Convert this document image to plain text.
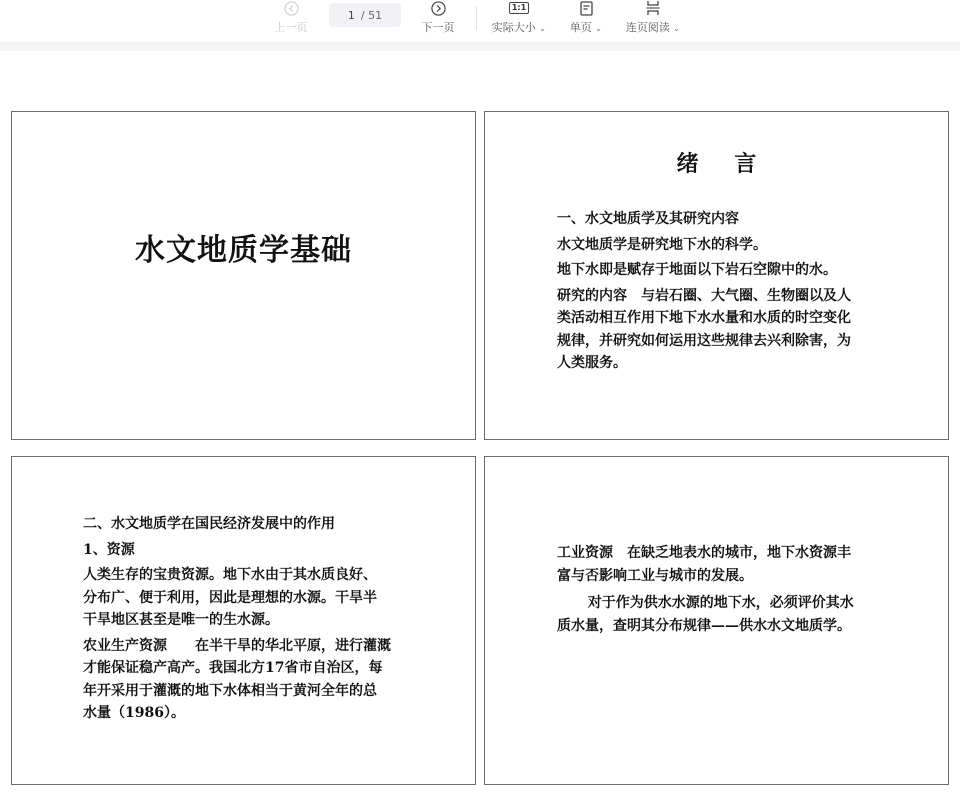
上一页
1 / 51
下一页
1:1
实际大小 ⌄ 单页 ⌄ 连页阅读 ⌄
水文地质学基础
绪 言

一、水文地质学及其研究内容

水文地质学是研究地下水的科学。

地下水即是赋存于地面以下岩石空隙中的水。

研究的内容　与岩石圈、大气圈、生物圈以及人

类活动相互作用下地下水水量和水质的时空变化

规律，并研究如何运用这些规律去兴利除害，为

人类服务。

二、水文地质学在国民经济发展中的作用

1、资源

人类生存的宝贵资源。地下水由于其水质良好、

分布广、便于利用，因此是理想的水源。干旱半

干旱地区甚至是唯一的生水源。

农业生产资源　　在半干旱的华北平原，进行灌溉

才能保证稳产高产。我国北方17省市自治区，每

年开采用于灌溉的地下水体相当于黄河全年的总

水量（1986）。

工业资源　在缺乏地表水的城市，地下水资源丰

富与否影响工业与城市的发展。

对于作为供水水源的地下水，必须评价其水

质水量，查明其分布规律——供水水文地质学。
